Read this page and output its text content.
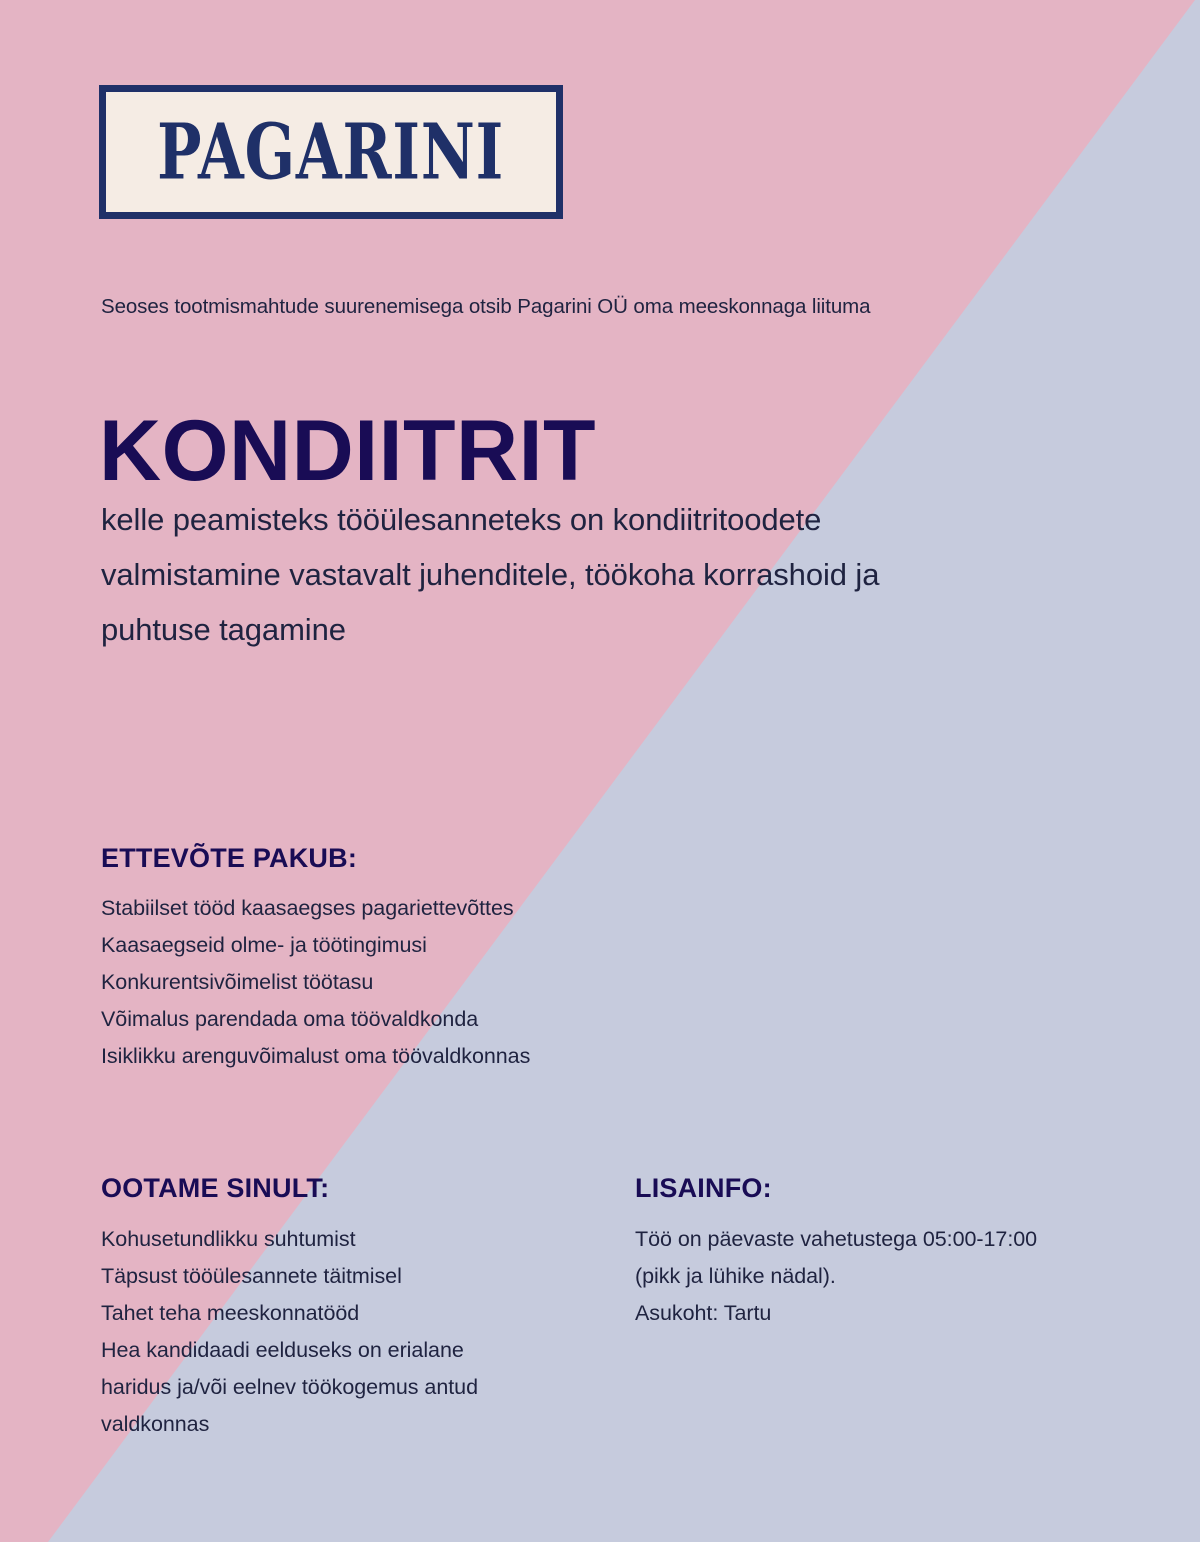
PAGARINI
Seoses tootmismahtude suurenemisega otsib Pagarini OÜ oma meeskonnaga liituma
KONDIITRIT
kelle peamisteks tööülesanneteks on kondiitritoodete
valmistamine vastavalt juhenditele, töökoha korrashoid ja
puhtuse tagamine
ETTEVÕTE PAKUB:
Stabiilset tööd kaasaegses pagariettevõttes
Kaasaegseid olme- ja töötingimusi
Konkurentsivõimelist töötasu
Võimalus parendada oma töövaldkonda
Isiklikku arenguvõimalust oma töövaldkonnas
OOTAME SINULT:
Kohusetundlikku suhtumist
Täpsust tööülesannete täitmisel
Tahet teha meeskonnatööd
Hea kandidaadi eelduseks on erialane
haridus ja/või eelnev töökogemus antud
valdkonnas
LISAINFO:
Töö on päevaste vahetustega 05:00-17:00
(pikk ja lühike nädal).
Asukoht: Tartu
